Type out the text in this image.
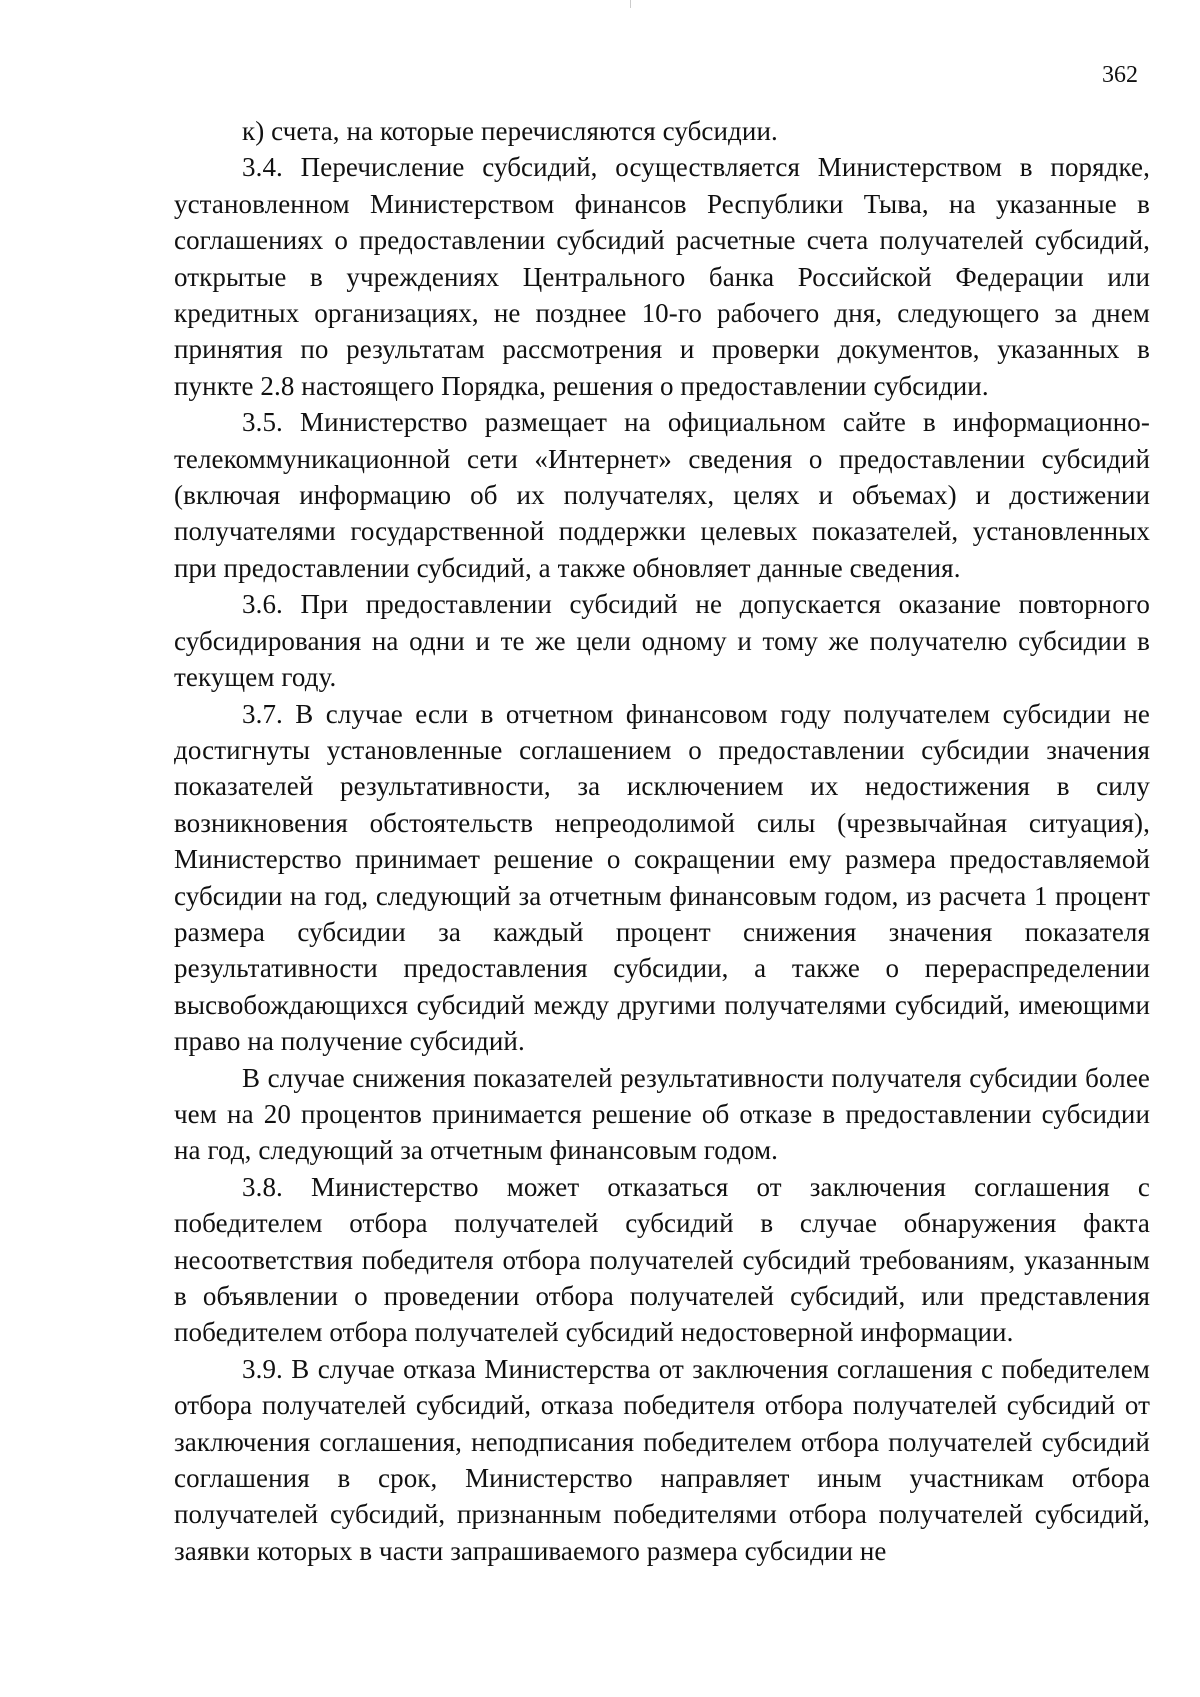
362

к) счета, на которые перечисляются субсидии.

3.4. Перечисление субсидий, осуществляется Министерством в порядке, установленном Министерством финансов Республики Тыва, на указанные в соглашениях о предоставлении субсидий расчетные счета получателей субсидий, открытые в учреждениях Центрального банка Российской Федерации или кредитных организациях, не позднее 10-го рабочего дня, следующего за днем принятия по результатам рассмотрения и проверки документов, указанных в пункте 2.8 настоящего Порядка, решения о предоставлении субсидии.

3.5. Министерство размещает на официальном сайте в информационно-телекоммуникационной сети «Интернет» сведения о предоставлении субсидий (включая информацию об их получателях, целях и объемах) и достижении получателями государственной поддержки целевых показателей, установленных при предоставлении субсидий, а также обновляет данные сведения.

3.6. При предоставлении субсидий не допускается оказание повторного субсидирования на одни и те же цели одному и тому же получателю субсидии в текущем году.

3.7. В случае если в отчетном финансовом году получателем субсидии не достигнуты установленные соглашением о предоставлении субсидии значения показателей результативности, за исключением их недостижения в силу возникновения обстоятельств непреодолимой силы (чрезвычайная ситуация), Министерство принимает решение о сокращении ему размера предоставляемой субсидии на год, следующий за отчетным финансовым годом, из расчета 1 процент размера субсидии за каждый процент снижения значения показателя результативности предоставления субсидии, а также о перераспределении высвобождающихся субсидий между другими получателями субсидий, имеющими право на получение субсидий.

В случае снижения показателей результативности получателя субсидии более чем на 20 процентов принимается решение об отказе в предоставлении субсидии на год, следующий за отчетным финансовым годом.

3.8. Министерство может отказаться от заключения соглашения с победителем отбора получателей субсидий в случае обнаружения факта несоответствия победителя отбора получателей субсидий требованиям, указанным в объявлении о проведении отбора получателей субсидий, или представления победителем отбора получателей субсидий недостоверной информации.

3.9. В случае отказа Министерства от заключения соглашения с победителем отбора получателей субсидий, отказа победителя отбора получателей субсидий от заключения соглашения, неподписания победителем отбора получателей субсидий соглашения в срок, Министерство направляет иным участникам отбора получателей субсидий, признанным победителями отбора получателей субсидий, заявки которых в части запрашиваемого размера субсидии не
